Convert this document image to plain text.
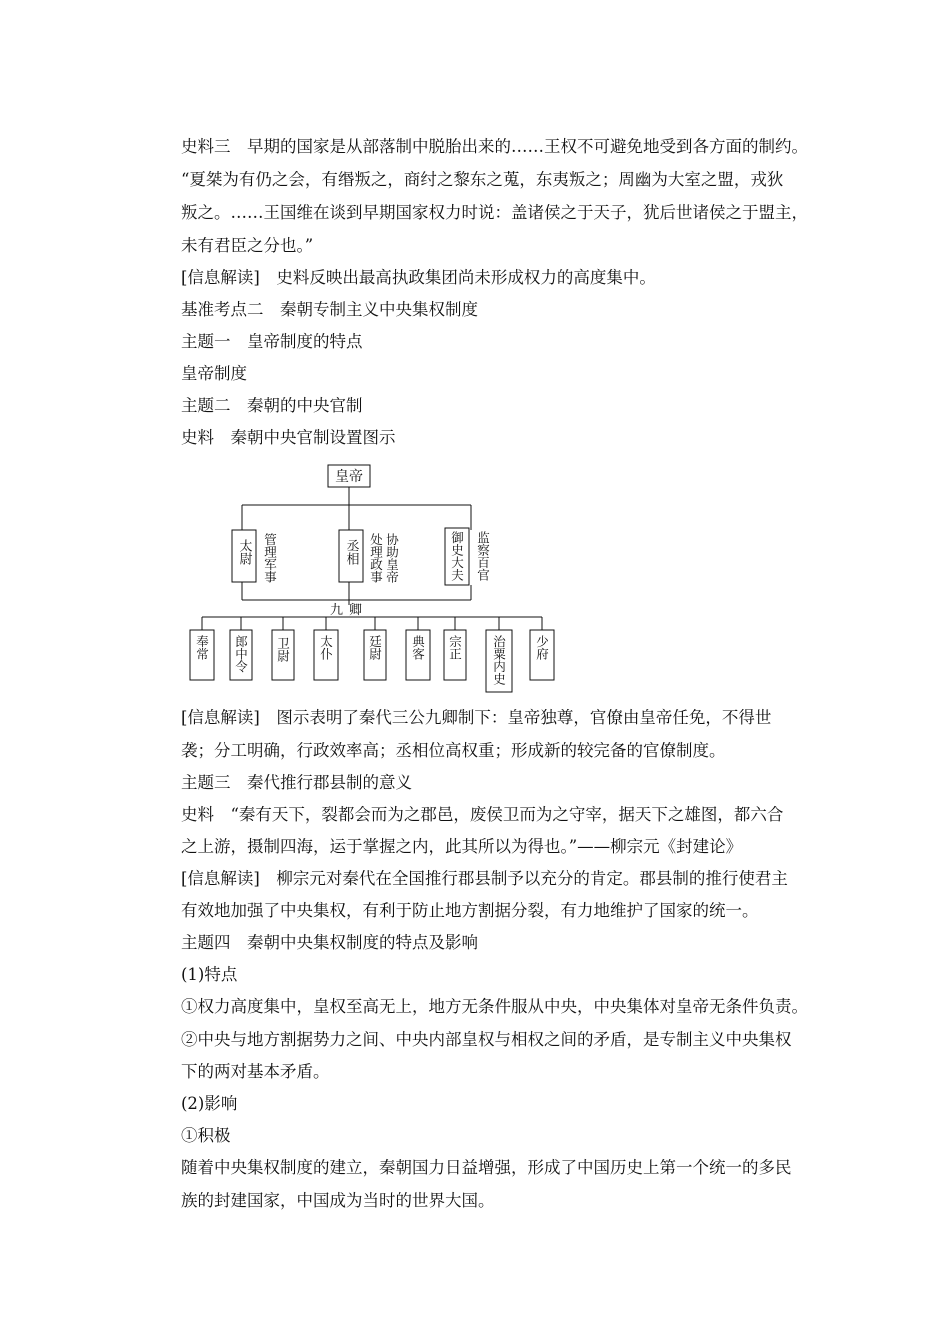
史料三　早期的国家是从部落制中脱胎出来的……王权不可避免地受到各方面的制约。
“夏桀为有仍之会，有缗叛之，商纣之黎东之蒐，东夷叛之；周幽为大室之盟，戎狄
叛之。……王国维在谈到早期国家权力时说：盖诸侯之于天子，犹后世诸侯之于盟主，
未有君臣之分也。”
[信息解读]　史料反映出最高执政集团尚未形成权力的高度集中。
基准考点二　秦朝专制主义中央集权制度
主题一　皇帝制度的特点
皇帝制度
主题二　秦朝的中央官制
史料　秦朝中央官制设置图示
皇帝
太尉 管理军事	丞相 处理政事 协助皇帝	御史大夫 监察百官
九卿
奉常 郎中令 卫尉 太仆	廷尉 典客 宗正 治粟内史 少府
[信息解读]　图示表明了秦代三公九卿制下：皇帝独尊，官僚由皇帝任免，不得世
袭；分工明确，行政效率高；丞相位高权重；形成新的较完备的官僚制度。
主题三　秦代推行郡县制的意义
史料　“秦有天下，裂都会而为之郡邑，废侯卫而为之守宰，据天下之雄图，都六合
之上游，摄制四海，运于掌握之内，此其所以为得也。”——柳宗元《封建论》
[信息解读]　柳宗元对秦代在全国推行郡县制予以充分的肯定。郡县制的推行使君主
有效地加强了中央集权，有利于防止地方割据分裂，有力地维护了国家的统一。
主题四　秦朝中央集权制度的特点及影响
(1)特点
①权力高度集中，皇权至高无上，地方无条件服从中央，中央集体对皇帝无条件负责。
②中央与地方割据势力之间、中央内部皇权与相权之间的矛盾，是专制主义中央集权
下的两对基本矛盾。
(2)影响
①积极
随着中央集权制度的建立，秦朝国力日益增强，形成了中国历史上第一个统一的多民
族的封建国家，中国成为当时的世界大国。
